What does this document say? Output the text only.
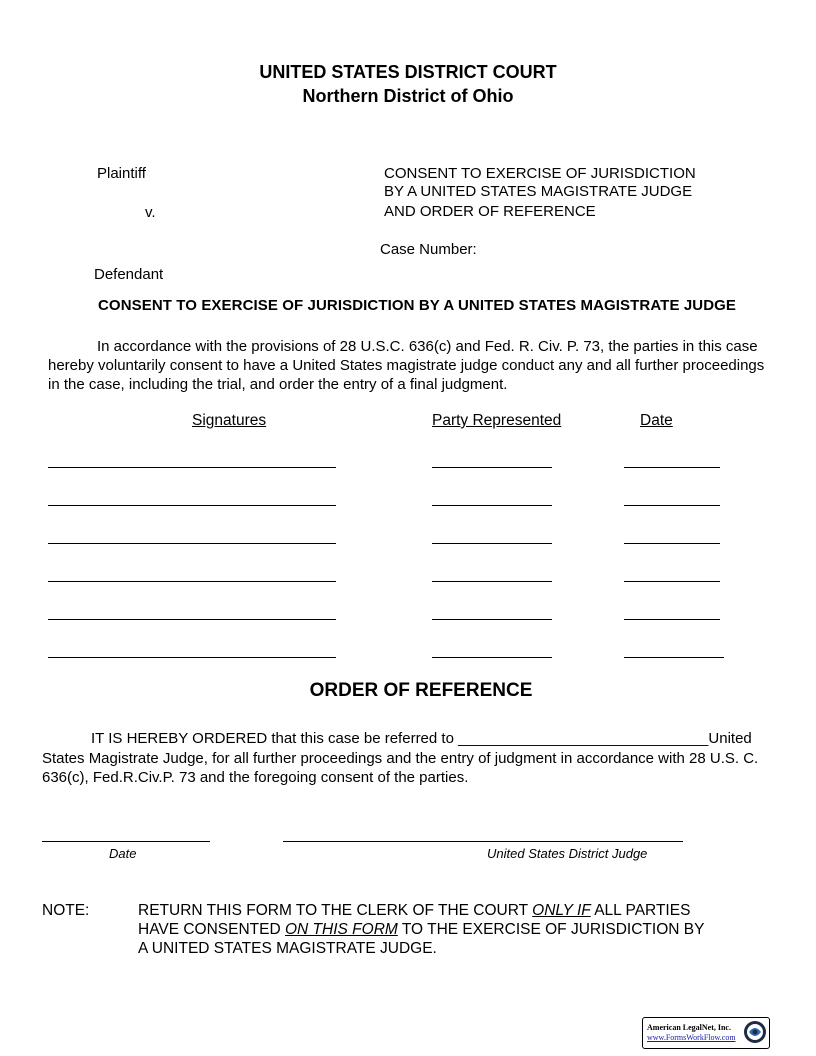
UNITED STATES DISTRICT COURT
Northern District of Ohio
Plaintiff
v.
Defendant
CONSENT TO EXERCISE OF JURISDICTION
BY A UNITED STATES MAGISTRATE JUDGE
AND ORDER OF REFERENCE
Case Number:
CONSENT TO EXERCISE OF JURISDICTION BY A UNITED STATES MAGISTRATE JUDGE
In accordance with the provisions of 28 U.S.C. 636(c) and Fed. R. Civ. P. 73, the parties in this case
hereby voluntarily consent to have a United States magistrate judge conduct any and all further proceedings
in the case, including the trial, and order the entry of a final judgment.
Signatures	Party Represented	Date
ORDER OF REFERENCE
IT IS HEREBY ORDERED that this case be referred to ______________________________United
States Magistrate Judge, for all further proceedings and the entry of judgment in accordance with 28 U.S. C.
636(c), Fed.R.Civ.P. 73 and the foregoing consent of the parties.
Date	United States District Judge
NOTE:	RETURN THIS FORM TO THE CLERK OF THE COURT ONLY IF ALL PARTIES
HAVE CONSENTED ON THIS FORM TO THE EXERCISE OF JURISDICTION BY
A UNITED STATES MAGISTRATE JUDGE.
American LegalNet, Inc.
www.FormsWorkFlow.com
